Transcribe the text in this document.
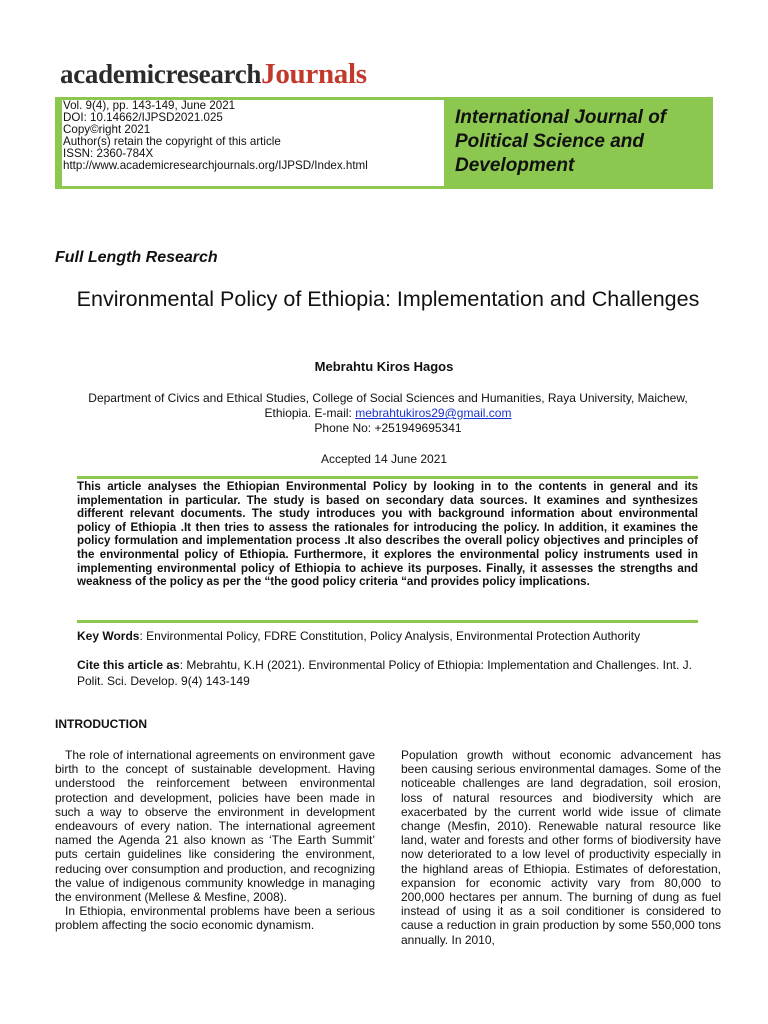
academicresearchJournals
Vol. 9(4), pp. 143-149, June 2021
DOI: 10.14662/IJPSD2021.025
Copy©right 2021
Author(s) retain the copyright of this article
ISSN: 2360-784X
http://www.academicresearchjournals.org/IJPSD/Index.html
International Journal of Political Science and Development
Full Length Research
Environmental Policy of Ethiopia: Implementation and Challenges
Mebrahtu Kiros Hagos
Department of Civics and Ethical Studies, College of Social Sciences and Humanities, Raya University, Maichew,
Ethiopia. E-mail: mebrahtukiros29@gmail.com
Phone No: +251949695341
Accepted 14 June 2021
This article analyses the Ethiopian Environmental Policy by looking in to the contents in general and its implementation in particular. The study is based on secondary data sources. It examines and synthesizes different relevant documents. The study introduces you with background information about environmental policy of Ethiopia .It then tries to assess the rationales for introducing the policy. In addition, it examines the policy formulation and implementation process .It also describes the overall policy objectives and principles of the environmental policy of Ethiopia. Furthermore, it explores the environmental policy instruments used in implementing environmental policy of Ethiopia to achieve its purposes. Finally, it assesses the strengths and weakness of the policy as per the “the good policy criteria “and provides policy implications.
Key Words: Environmental Policy, FDRE Constitution, Policy Analysis, Environmental Protection Authority
Cite this article as: Mebrahtu, K.H (2021). Environmental Policy of Ethiopia: Implementation and Challenges. Int. J. Polit. Sci. Develop. 9(4) 143-149
INTRODUCTION

The role of international agreements on environment gave birth to the concept of sustainable development. Having understood the reinforcement between environmental protection and development, policies have been made in such a way to observe the environment in development endeavours of every nation. The international agreement named the Agenda 21 also known as ‘The Earth Summit’ puts certain guidelines like considering the environment, reducing over consumption and production, and recognizing the value of indigenous community knowledge in managing the environment (Mellese & Mesfine, 2008).

In Ethiopia, environmental problems have been a serious problem affecting the socio economic dynamism.

Population growth without economic advancement has been causing serious environmental damages. Some of the noticeable challenges are land degradation, soil erosion, loss of natural resources and biodiversity which are exacerbated by the current world wide issue of climate change (Mesfin, 2010). Renewable natural resource like land, water and forests and other forms of biodiversity have now deteriorated to a low level of productivity especially in the highland areas of Ethiopia. Estimates of deforestation, expansion for economic activity vary from 80,000 to 200,000 hectares per annum. The burning of dung as fuel instead of using it as a soil conditioner is considered to cause a reduction in grain production by some 550,000 tons annually. In 2010,
